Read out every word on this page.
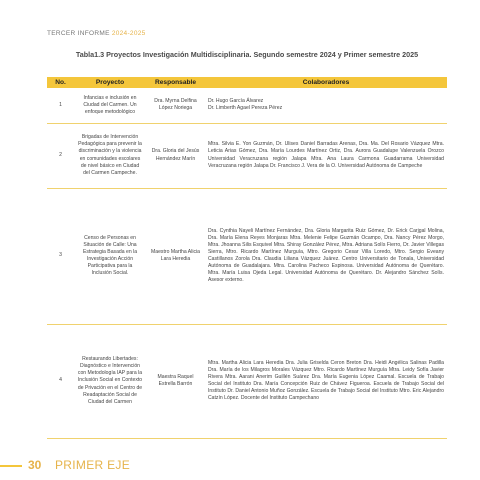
TERCER INFORME 2024-2025
Tabla1.3 Proyectos Investigación Multidisciplinaria. Segundo semestre 2024 y Primer semestre 2025
No.	Proyecto	Responsable	Colaboradores
1	Infancias e inclusión en Ciudad del Carmen. Un enfoque metodológico	Dra. Myrna Delfina López Noriega	Dr. Hugo García Álvarez
Dr. Limberth Agael Pereza Pérez

2	Brigadas de Intervención Pedagógica para prevenir la discriminación y la violencia en comunidades escolares de nivel básico en Ciudad del Carmen Campeche.	Dra. Gloria del Jesús Hernández Marín	Mtra. Silvia E. Yon Guzmán, Dr. Ulises Daniel Barradas Arenas, Dra. Ma. Del Rosario Vázquez Mtra. Leticia Arias Gómez, Dra. María Lourdes Martínez Ortiz, Dra. Aurora Guadalupe Valenzuela Orozco Universidad Veracruzana región Jalapa Mtra. Ana Laura Carmona Guadarrama Universidad Veracruzana región Jalapa Dr. Francisco J. Vera de la O. Universidad Autónoma de Campeche

3	Censo de Personas en Situación de Calle: Una Estrategia Basada en la Investigación Acción Participativa para la Inclusión Social.	Maestro Martha Alicia Lara Heredia	Dra. Cynthia Nayeli Martínez Fernández, Dra. Gloria Margarita Ruiz Gómez, Dr. Erick Carjgal Molina, Dra. María Elena Reyes Monjaras Mtra. Melenie Felipe Guzmán Ocampo, Dra. Nancy Pérez Morgo, Mtra. Jhoanna Silis Esquivel Mtra. Shiray González Pérez, Mtra. Adriana Solís Fierro, Dr. Javier Villegas Sierra, Mtro. Ricardo Martínez Murguía, Mtro. Gregorio Cesar Villa Loredo, Mtro. Sergio Eveany Castillanos Zorola Dra. Claudia Liliana Vázquez Juárez. Centro Universitario de Tonala, Universidad Autónoma de Guadalajara. Mtra. Carolina Pacheco Espinosa. Universidad Autónoma de Querétaro. Mtra. María Luisa Ojeda Legal. Universidad Autónoma de Querétaro. Dr. Alejandro Sánchez Solís. Asesor externo.

4	Restaurando Libertades: Diagnóstico e Intervención con Metodología IAP para la Inclusión Social en Contexto de Privación en el Centro de Readaptación Social de Ciudad del Carmen	Maestra Raquel Estrella Barrón	Mtra. Martha Alicia Lara Heredia Dra. Julia Griselda Ceron Breton Dra. Heidi Angélica Salinas Padilla Dra. María de los Milagros Morales Vázquez Mtro. Ricardo Martínez Murguía Mtra. Leidy Sofía Javier Rivera Mtra. Aarani Anerim Guillén Suárez Dra. María Eugenia López Caamal. Escuela de Trabajo Social del Instituto Dra. María Concepción Ruiz de Chávez Figueroa. Escuela de Trabajo Social del Instituto Dr. Daniel Antonio Muñoz González. Escuela de Trabajo Social del Instituto Mtro. Eric Alejandro Catzín López. Docente del Instituto Campechano
30 PRIMER EJE
